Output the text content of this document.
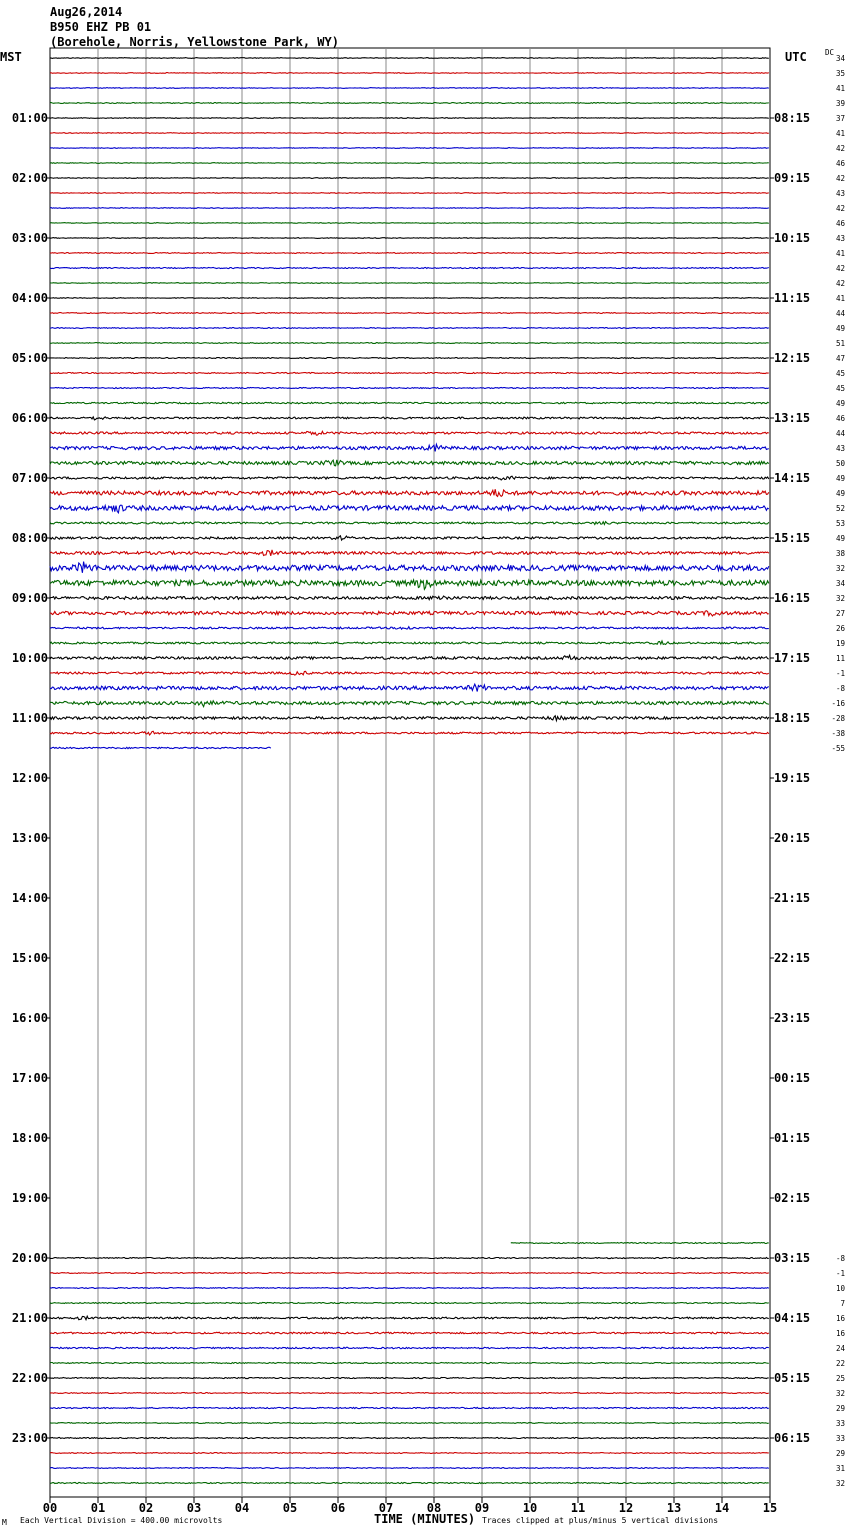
00	01	02	03	04	05	06	07	08	09	10	11	12	13	14	15
01:00	08:15
02:00	09:15
03:00	10:15
04:00	11:15
05:00	12:15
06:00	13:15
07:00	14:15
08:00	15:15
09:00	16:15
10:00	17:15
11:00	18:15
12:00	19:15
13:00	20:15
14:00	21:15
15:00	22:15
16:00	23:15
17:00	00:15
18:00	01:15
19:00	02:15
20:00	03:15
21:00	04:15
22:00	05:15
23:00	06:15
34
35
41
39
37
41
42
46
42
43
42
46
43
41
42
42
41
44
49
51
47
45
45
49
46
44
43
50
49
49
52
53
49
38
32
34
32
27
26
19
11
-1
-8
-16
-28
-38
-55
-8
-1
10
7
16
16
24
22
25
32
29
33
33
29
31
32
Aug26,2014
B950 EHZ PB 01
(Borehole, Norris, Yellowstone Park, WY)
MST	UTC DC
M Each Vertical Division = 400.00 microvolts	TIME (MINUTES) Traces clipped at plus/minus 5 vertical divisions
